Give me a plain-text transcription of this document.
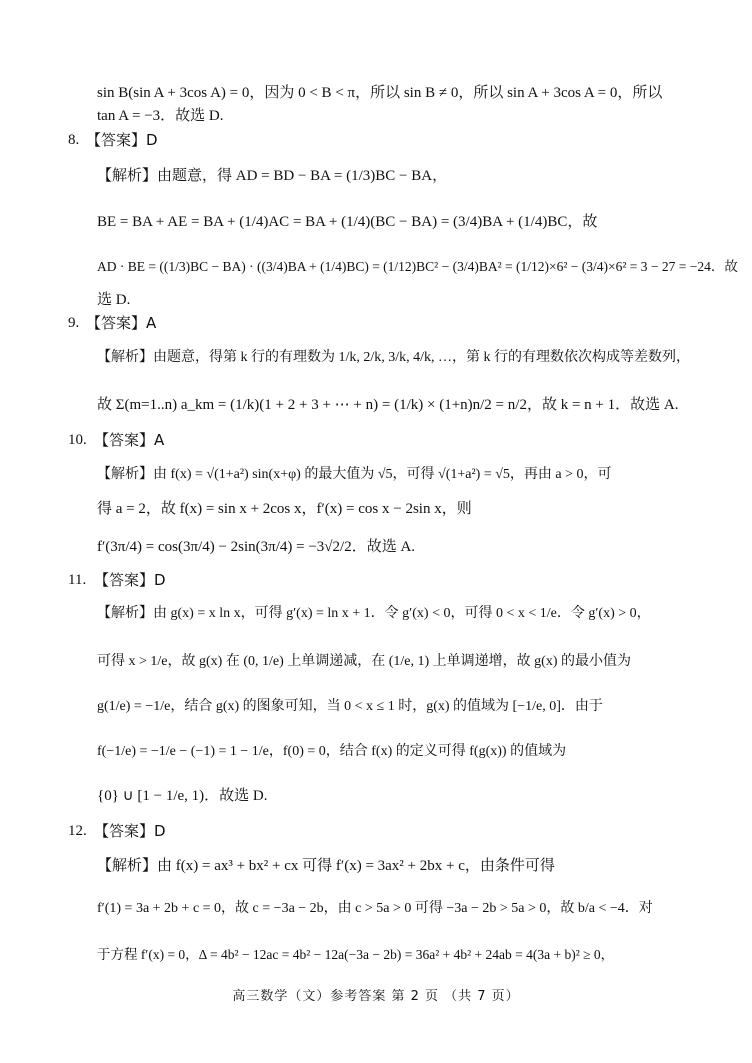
sin B(sin A + 3cos A) = 0，因为 0 < B < π，所以 sin B ≠ 0，所以 sin A + 3cos A = 0，所以
tan A = −3．故选 D.
8. 【答案】D
【解析】由题意，得 AD = BD − BA = (1/3)BC − BA，
BE = BA + AE = BA + (1/4)AC = BA + (1/4)(BC − BA) = (3/4)BA + (1/4)BC，故
AD · BE = ((1/3)BC − BA) · ((3/4)BA + (1/4)BC) = (1/12)BC² − (3/4)BA² = (1/12)×6² − (3/4)×6² = 3 − 27 = −24．故
选 D.
9. 【答案】A
【解析】由题意，得第 k 行的有理数为 1/k, 2/k, 3/k, 4/k, …，第 k 行的有理数依次构成等差数列，
故 Σ(m=1..n) a_km = (1/k)(1 + 2 + 3 + ⋯ + n) = (1/k) × (1+n)n/2 = n/2，故 k = n + 1．故选 A.
10. 【答案】A
【解析】由 f(x) = √(1+a²) sin(x+φ) 的最大值为 √5，可得 √(1+a²) = √5，再由 a > 0，可
得 a = 2，故 f(x) = sin x + 2cos x，f′(x) = cos x − 2sin x，则
f′(3π/4) = cos(3π/4) − 2sin(3π/4) = −3√2/2．故选 A.
11. 【答案】D
【解析】由 g(x) = x ln x，可得 g′(x) = ln x + 1．令 g′(x) < 0，可得 0 < x < 1/e．令 g′(x) > 0，
可得 x > 1/e，故 g(x) 在 (0, 1/e) 上单调递减，在 (1/e, 1) 上单调递增，故 g(x) 的最小值为
g(1/e) = −1/e，结合 g(x) 的图象可知，当 0 < x ≤ 1 时，g(x) 的值域为 [−1/e, 0]．由于
f(−1/e) = −1/e − (−1) = 1 − 1/e，f(0) = 0，结合 f(x) 的定义可得 f(g(x)) 的值域为
{0} ∪ [1 − 1/e, 1)．故选 D.
12. 【答案】D
【解析】由 f(x) = ax³ + bx² + cx 可得 f′(x) = 3ax² + 2bx + c，由条件可得
f′(1) = 3a + 2b + c = 0，故 c = −3a − 2b，由 c > 5a > 0 可得 −3a − 2b > 5a > 0，故 b/a < −4．对
于方程 f′(x) = 0，Δ = 4b² − 12ac = 4b² − 12a(−3a − 2b) = 36a² + 4b² + 24ab = 4(3a + b)² ≥ 0，
高三数学（文）参考答案 第 2 页 （共 7 页）
